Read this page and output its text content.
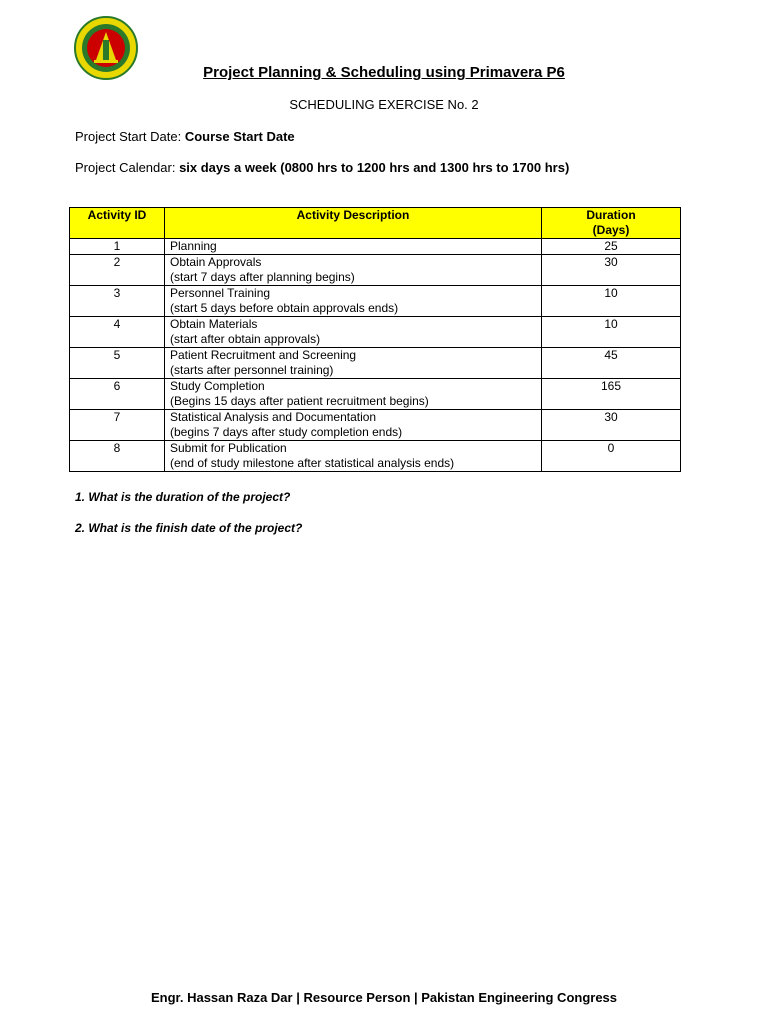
Project Planning & Scheduling using Primavera P6
SCHEDULING EXERCISE No. 2
Project Start Date: Course Start Date
Project Calendar: six days a week (0800 hrs to 1200 hrs and 1300 hrs to 1700 hrs)
Activity ID	Activity Description	Duration
(Days)
1	Planning	25
2	Obtain Approvals
(start 7 days after planning begins)	30
3	Personnel Training
(start 5 days before obtain approvals ends)	10
4	Obtain Materials
(start after obtain approvals)	10
5	Patient Recruitment and Screening
(starts after personnel training)	45
6	Study Completion
(Begins 15 days after patient recruitment begins)	165
7	Statistical Analysis and Documentation
(begins 7 days after study completion ends)	30
8	Submit for Publication
(end of study milestone after statistical analysis ends)	0
1. What is the duration of the project?
2. What is the finish date of the project?
Engr. Hassan Raza Dar | Resource Person | Pakistan Engineering Congress
